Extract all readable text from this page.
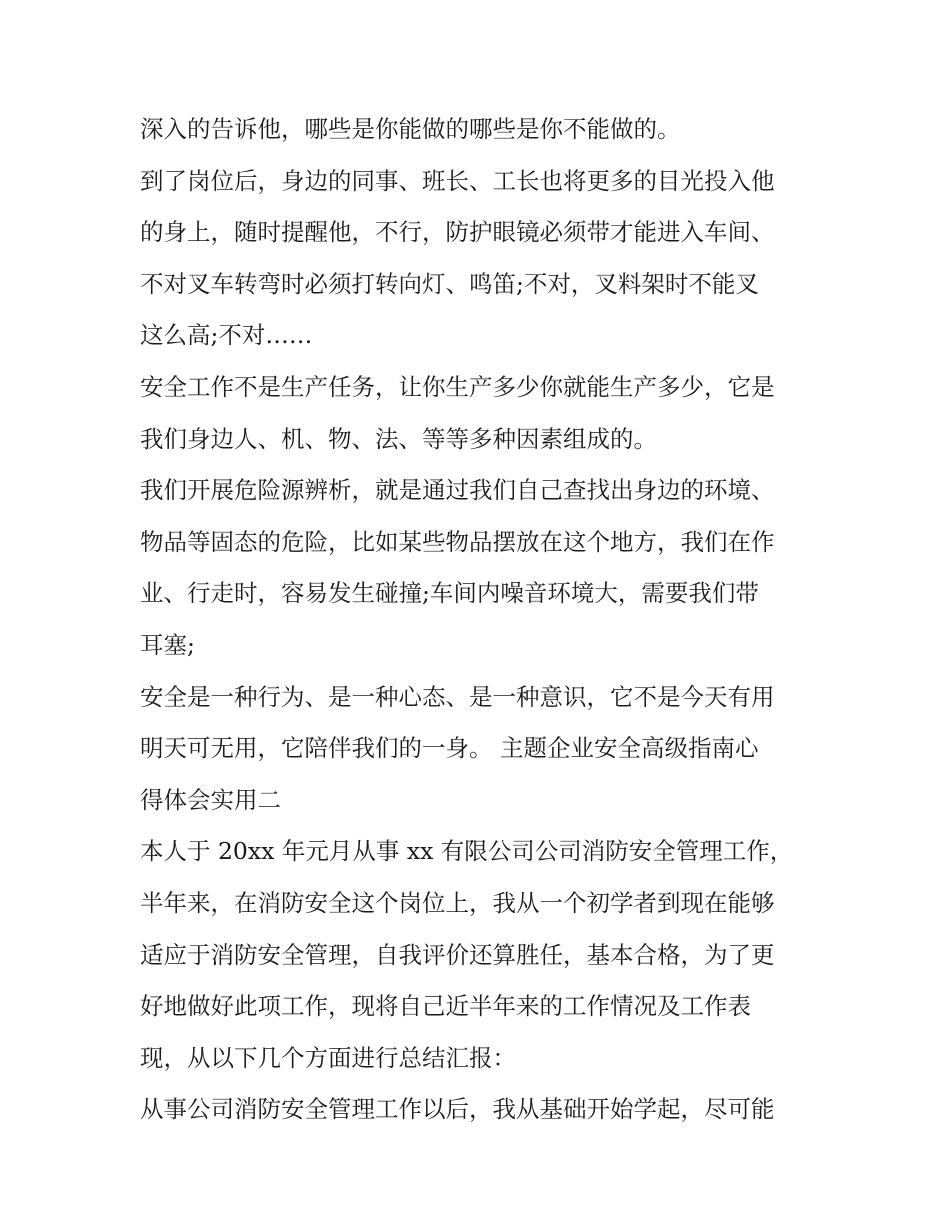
深入的告诉他，哪些是你能做的哪些是你不能做的。
到了岗位后，身边的同事、班长、工长也将更多的目光投入他
的身上，随时提醒他，不行，防护眼镜必须带才能进入车间、
不对叉车转弯时必须打转向灯、鸣笛;不对，叉料架时不能叉
这么高;不对……
安全工作不是生产任务，让你生产多少你就能生产多少，它是
我们身边人、机、物、法、等等多种因素组成的。
我们开展危险源辨析，就是通过我们自己查找出身边的环境、
物品等固态的危险，比如某些物品摆放在这个地方，我们在作
业、行走时，容易发生碰撞;车间内噪音环境大，需要我们带
耳塞;
安全是一种行为、是一种心态、是一种意识，它不是今天有用
明天可无用，它陪伴我们的一身。 主题企业安全高级指南心
得体会实用二
本人于 20xx 年元月从事 xx 有限公司公司消防安全管理工作，
半年来，在消防安全这个岗位上，我从一个初学者到现在能够
适应于消防安全管理，自我评价还算胜任，基本合格，为了更
好地做好此项工作，现将自己近半年来的工作情况及工作表
现，从以下几个方面进行总结汇报：
从事公司消防安全管理工作以后，我从基础开始学起，尽可能
